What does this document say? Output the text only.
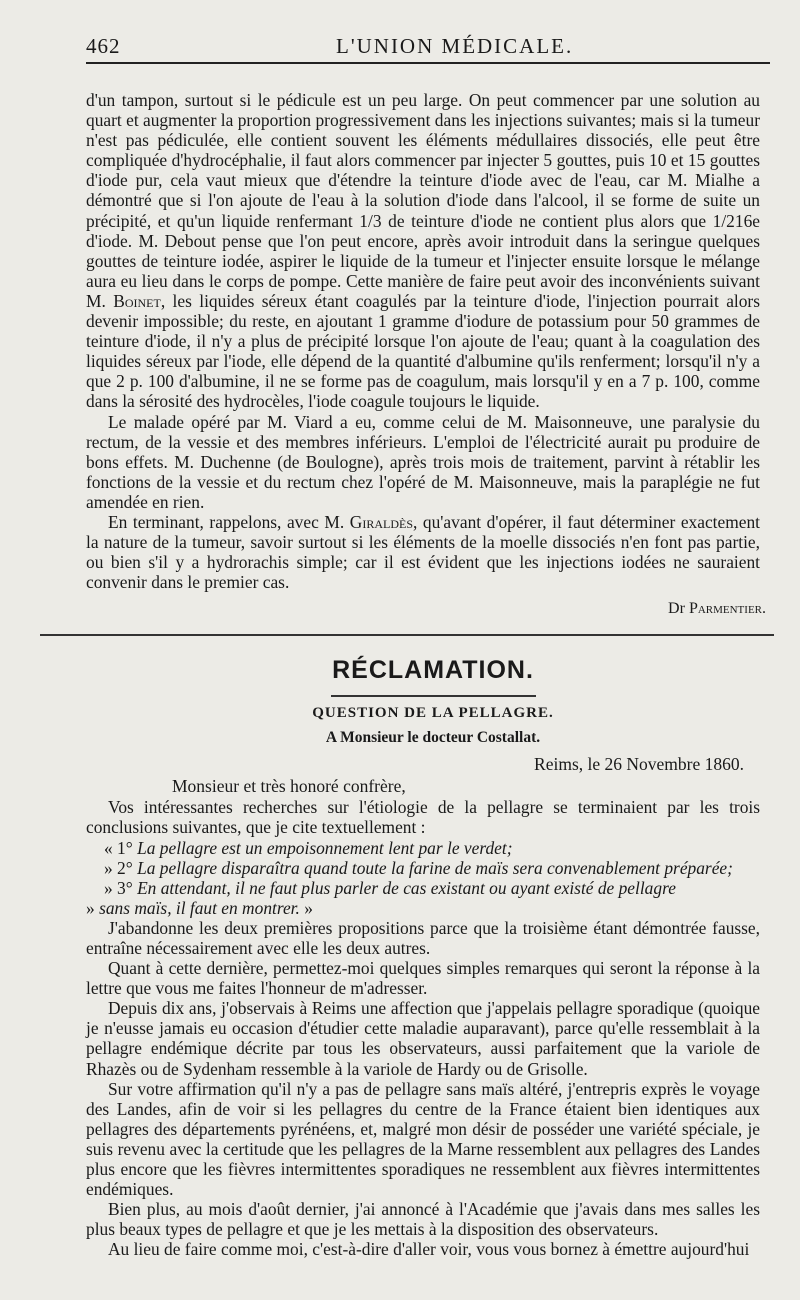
462	L'UNION MÉDICALE.

d'un tampon, surtout si le pédicule est un peu large. On peut commencer par une solution au quart et augmenter la proportion progressivement dans les injections suivantes; mais si la tumeur n'est pas pédiculée, elle contient souvent les éléments médullaires dissociés, elle peut être compliquée d'hydrocéphalie, il faut alors commencer par injecter 5 gouttes, puis 10 et 15 gouttes d'iode pur, cela vaut mieux que d'étendre la teinture d'iode avec de l'eau, car M. Mialhe a démontré que si l'on ajoute de l'eau à la solution d'iode dans l'alcool, il se forme de suite un précipité, et qu'un liquide renfermant 1/3 de teinture d'iode ne contient plus alors que 1/216e d'iode. M. Debout pense que l'on peut encore, après avoir introduit dans la seringue quelques gouttes de teinture iodée, aspirer le liquide de la tumeur et l'injecter ensuite lorsque le mélange aura eu lieu dans le corps de pompe. Cette manière de faire peut avoir des inconvénients suivant M. Boinet, les liquides séreux étant coagulés par la teinture d'iode, l'injection pourrait alors devenir impossible; du reste, en ajoutant 1 gramme d'iodure de potassium pour 50 grammes de teinture d'iode, il n'y a plus de précipité lorsque l'on ajoute de l'eau; quant à la coagulation des liquides séreux par l'iode, elle dépend de la quantité d'albumine qu'ils renferment; lorsqu'il n'y a que 2 p. 100 d'albumine, il ne se forme pas de coagulum, mais lorsqu'il y en a 7 p. 100, comme dans la sérosité des hydrocèles, l'iode coagule toujours le liquide.

Le malade opéré par M. Viard a eu, comme celui de M. Maisonneuve, une paralysie du rectum, de la vessie et des membres inférieurs. L'emploi de l'électricité aurait pu produire de bons effets. M. Duchenne (de Boulogne), après trois mois de traitement, parvint à rétablir les fonctions de la vessie et du rectum chez l'opéré de M. Maisonneuve, mais la paraplégie ne fut amendée en rien.

En terminant, rappelons, avec M. Giraldès, qu'avant d'opérer, il faut déterminer exactement la nature de la tumeur, savoir surtout si les éléments de la moelle dissociés n'en font pas partie, ou bien s'il y a hydrorachis simple; car il est évident que les injections iodées ne sauraient convenir dans le premier cas.

Dr Parmentier.
RÉCLAMATION.
QUESTION DE LA PELLAGRE.
A Monsieur le docteur Costallat.
Reims, le 26 Novembre 1860.
Monsieur et très honoré confrère,

Vos intéressantes recherches sur l'étiologie de la pellagre se terminaient par les trois conclusions suivantes, que je cite textuellement :

« 1° La pellagre est un empoisonnement lent par le verdet;
» 2° La pellagre disparaîtra quand toute la farine de maïs sera convenablement préparée;
» 3° En attendant, il ne faut plus parler de cas existant ou ayant existé de pellagre
» sans maïs, il faut en montrer. »

J'abandonne les deux premières propositions parce que la troisième étant démontrée fausse, entraîne nécessairement avec elle les deux autres.

Quant à cette dernière, permettez-moi quelques simples remarques qui seront la réponse à la lettre que vous me faites l'honneur de m'adresser.

Depuis dix ans, j'observais à Reims une affection que j'appelais pellagre sporadique (quoique je n'eusse jamais eu occasion d'étudier cette maladie auparavant), parce qu'elle ressemblait à la pellagre endémique décrite par tous les observateurs, aussi parfaitement que la variole de Rhazès ou de Sydenham ressemble à la variole de Hardy ou de Grisolle.

Sur votre affirmation qu'il n'y a pas de pellagre sans maïs altéré, j'entrepris exprès le voyage des Landes, afin de voir si les pellagres du centre de la France étaient bien identiques aux pellagres des départements pyrénéens, et, malgré mon désir de posséder une variété spéciale, je suis revenu avec la certitude que les pellagres de la Marne ressemblent aux pellagres des Landes plus encore que les fièvres intermittentes sporadiques ne ressemblent aux fièvres intermittentes endémiques.

Bien plus, au mois d'août dernier, j'ai annoncé à l'Académie que j'avais dans mes salles les plus beaux types de pellagre et que je les mettais à la disposition des observateurs.

Au lieu de faire comme moi, c'est-à-dire d'aller voir, vous vous bornez à émettre aujourd'hui
